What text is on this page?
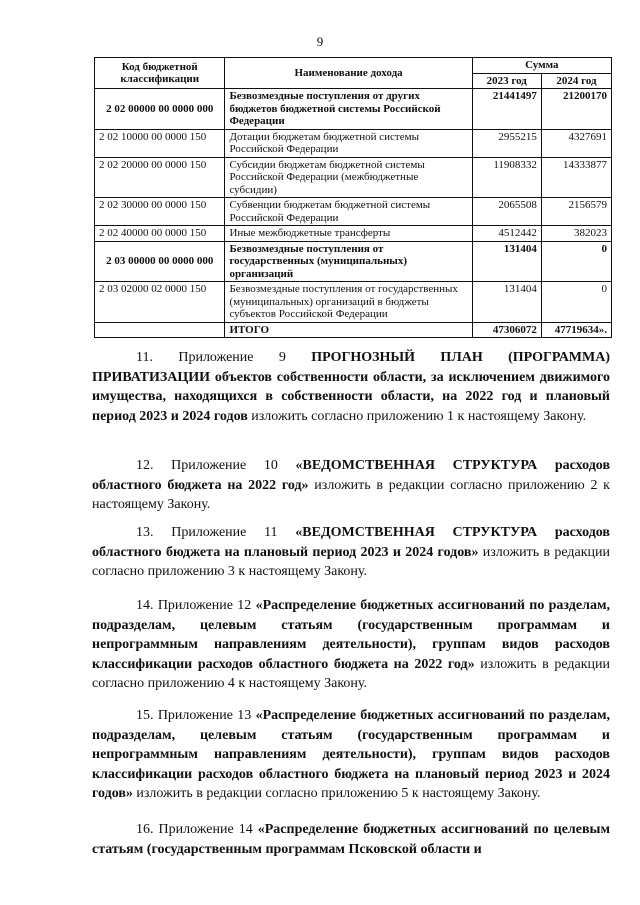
9
Код бюджетной классификации	Наименование дохода	Сумма	
		2023 год	2024 год
2 02 00000 00 0000 000	Безвозмездные поступления от других бюджетов бюджетной системы Российской Федерации	21441497	21200170
2 02 10000 00 0000 150	Дотации бюджетам бюджетной системы Российской Федерации	2955215	4327691
2 02 20000 00 0000 150	Субсидии бюджетам бюджетной системы Российской Федерации (межбюджетные субсидии)	11908332	14333877
2 02 30000 00 0000 150	Субвенции бюджетам бюджетной системы Российской Федерации	2065508	2156579
2 02 40000 00 0000 150	Иные межбюджетные трансферты	4512442	382023
2 03 00000 00 0000 000	Безвозмездные поступления от государственных (муниципальных) организаций	131404	0
2 03 02000 02 0000 150	Безвозмездные поступления от государственных (муниципальных) организаций в бюджеты субъектов Российской Федерации	131404	0
	ИТОГО	47306072	47719634».
11. Приложение 9 ПРОГНОЗНЫЙ ПЛАН (ПРОГРАММА) ПРИВАТИЗАЦИИ объектов собственности области, за исключением движимого имущества, находящихся в собственности области, на 2022 год и плановый период 2023 и 2024 годов изложить согласно приложению 1 к настоящему Закону.
12. Приложение 10 «ВЕДОМСТВЕННАЯ СТРУКТУРА расходов областного бюджета на 2022 год» изложить в редакции согласно приложению 2 к настоящему Закону.
13. Приложение 11 «ВЕДОМСТВЕННАЯ СТРУКТУРА расходов областного бюджета на плановый период 2023 и 2024 годов» изложить в редакции согласно приложению 3 к настоящему Закону.
14. Приложение 12 «Распределение бюджетных ассигнований по разделам, подразделам, целевым статьям (государственным программам и непрограммным направлениям деятельности), группам видов расходов классификации расходов областного бюджета на 2022 год» изложить в редакции согласно приложению 4 к настоящему Закону.
15. Приложение 13 «Распределение бюджетных ассигнований по разделам, подразделам, целевым статьям (государственным программам и непрограммным направлениям деятельности), группам видов расходов классификации расходов областного бюджета на плановый период 2023 и 2024 годов» изложить в редакции согласно приложению 5 к настоящему Закону.
16. Приложение 14 «Распределение бюджетных ассигнований по целевым статьям (государственным программам Псковской области и
